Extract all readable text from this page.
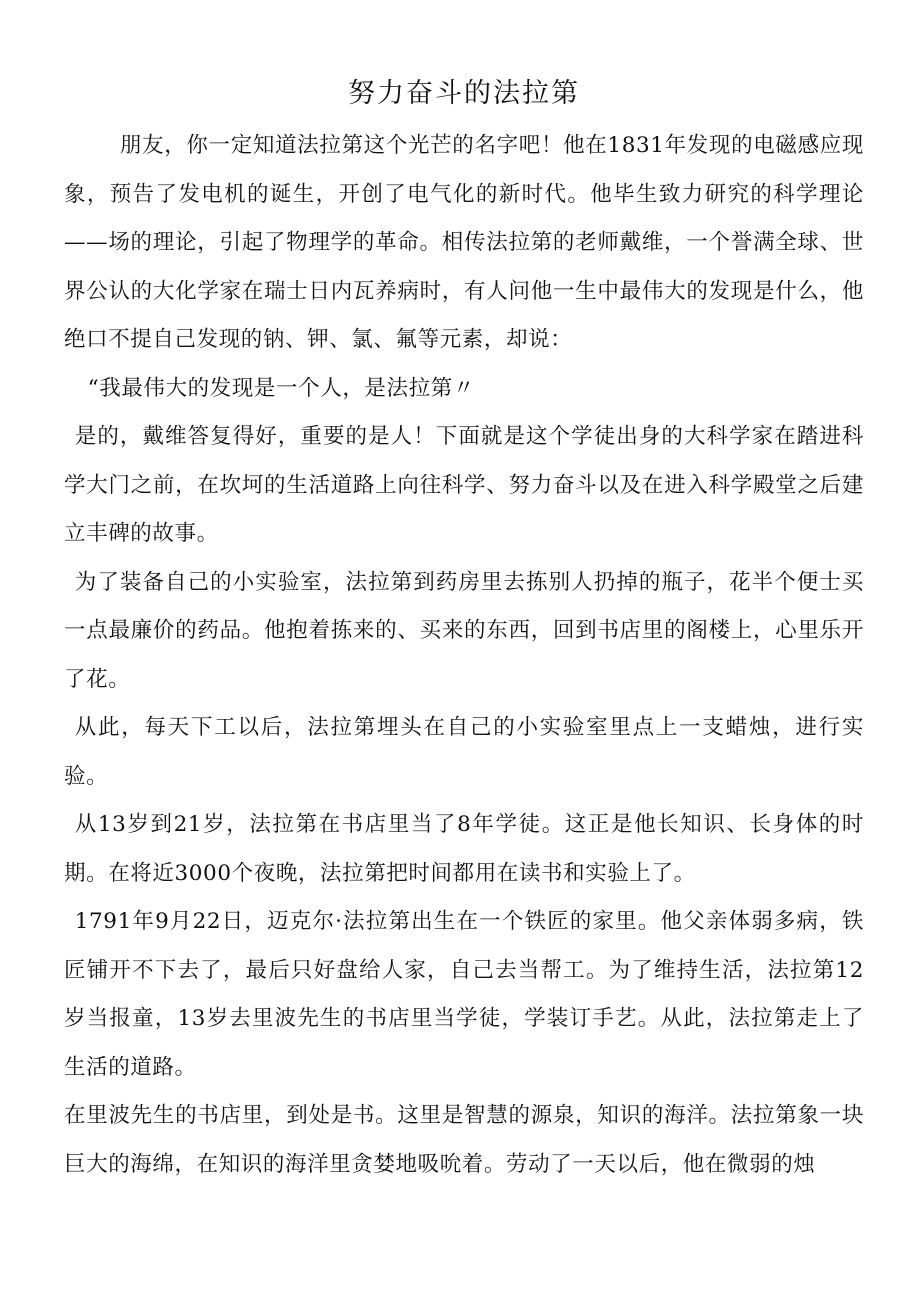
努力奋斗的法拉第

朋友，你一定知道法拉第这个光芒的名字吧！他在1831年发现的电磁感应现象，预告了发电机的诞生，开创了电气化的新时代。他毕生致力研究的科学理论——场的理论，引起了物理学的革命。相传法拉第的老师戴维，一个誉满全球、世界公认的大化学家在瑞士日内瓦养病时，有人问他一生中最伟大的发现是什么，他绝口不提自己发现的钠、钾、氯、氟等元素，却说：

“我最伟大的发现是一个人，是法拉第〃

是的，戴维答复得好，重要的是人！下面就是这个学徒出身的大科学家在踏进科学大门之前，在坎坷的生活道路上向往科学、努力奋斗以及在进入科学殿堂之后建立丰碑的故事。

为了装备自己的小实验室，法拉第到药房里去拣别人扔掉的瓶子，花半个便士买一点最廉价的药品。他抱着拣来的、买来的东西，回到书店里的阁楼上，心里乐开了花。

从此，每天下工以后，法拉第埋头在自己的小实验室里点上一支蜡烛，进行实验。

从13岁到21岁，法拉第在书店里当了8年学徒。这正是他长知识、长身体的时期。在将近3000个夜晚，法拉第把时间都用在读书和实验上了。

1791年9月22日，迈克尔·法拉第出生在一个铁匠的家里。他父亲体弱多病，铁匠铺开不下去了，最后只好盘给人家，自己去当帮工。为了维持生活，法拉第12岁当报童，13岁去里波先生的书店里当学徒，学装订手艺。从此，法拉第走上了生活的道路。

在里波先生的书店里，到处是书。这里是智慧的源泉，知识的海洋。法拉第象一块巨大的海绵，在知识的海洋里贪婪地吸吮着。劳动了一天以后，他在微弱的烛
